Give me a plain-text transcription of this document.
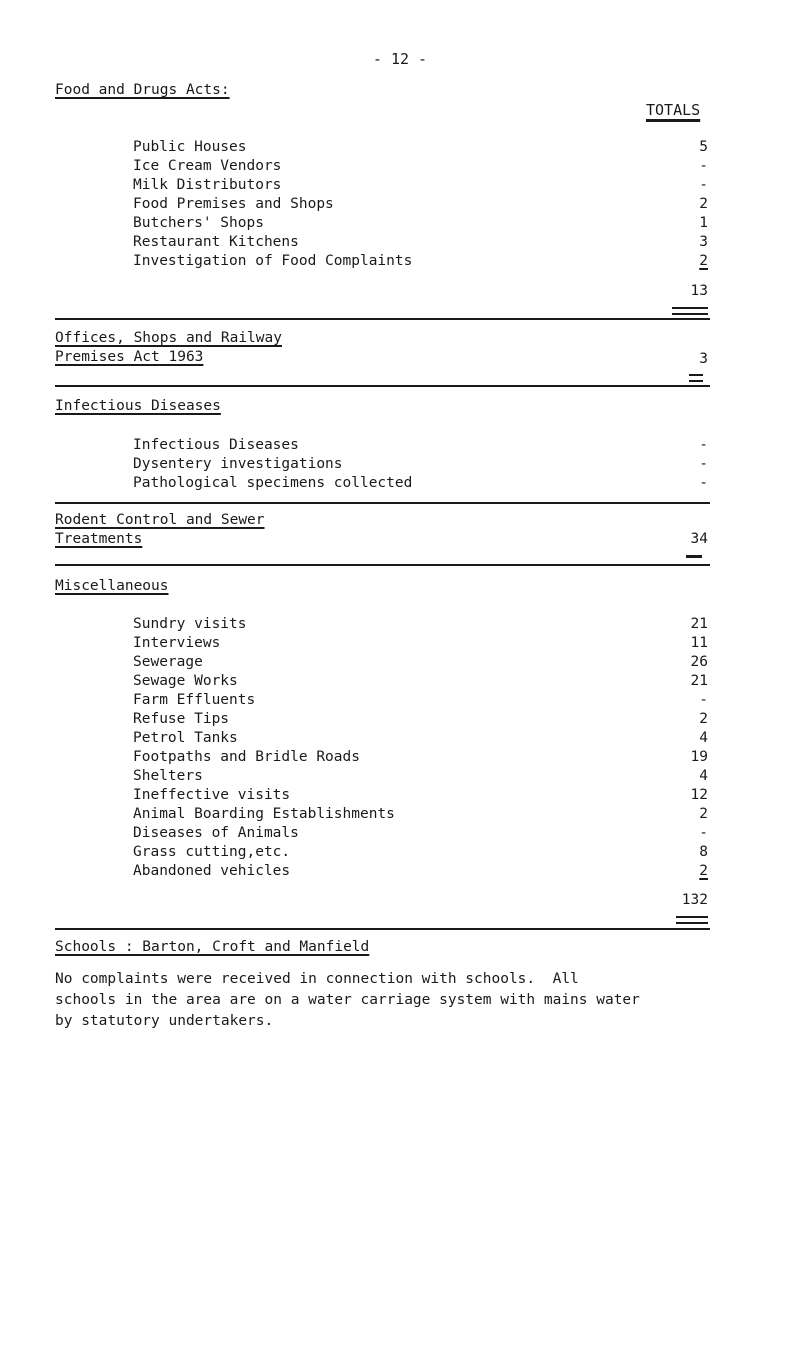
- 12 -
Food and Drugs Acts:
TOTALS
Public Houses	5
Ice Cream Vendors	-
Milk Distributors	-
Food Premises and Shops	2
Butchers' Shops	1
Restaurant Kitchens	3
Investigation of Food Complaints	2
13
Offices, Shops and Railway
Premises Act 1963	3
Infectious Diseases
Infectious Diseases	-
Dysentery investigations	-
Pathological specimens collected	-
Rodent Control and Sewer
Treatments	34
Miscellaneous
Sundry visits	21
Interviews	11
Sewerage	26
Sewage Works	21
Farm Effluents	-
Refuse Tips	2
Petrol Tanks	4
Footpaths and Bridle Roads	19
Shelters	4
Ineffective visits	12
Animal Boarding Establishments	2
Diseases of Animals	-
Grass cutting,etc.	8
Abandoned vehicles	2
132
Schools : Barton, Croft and Manfield
No complaints were received in connection with schools.  All
schools in the area are on a water carriage system with mains water
by statutory undertakers.
